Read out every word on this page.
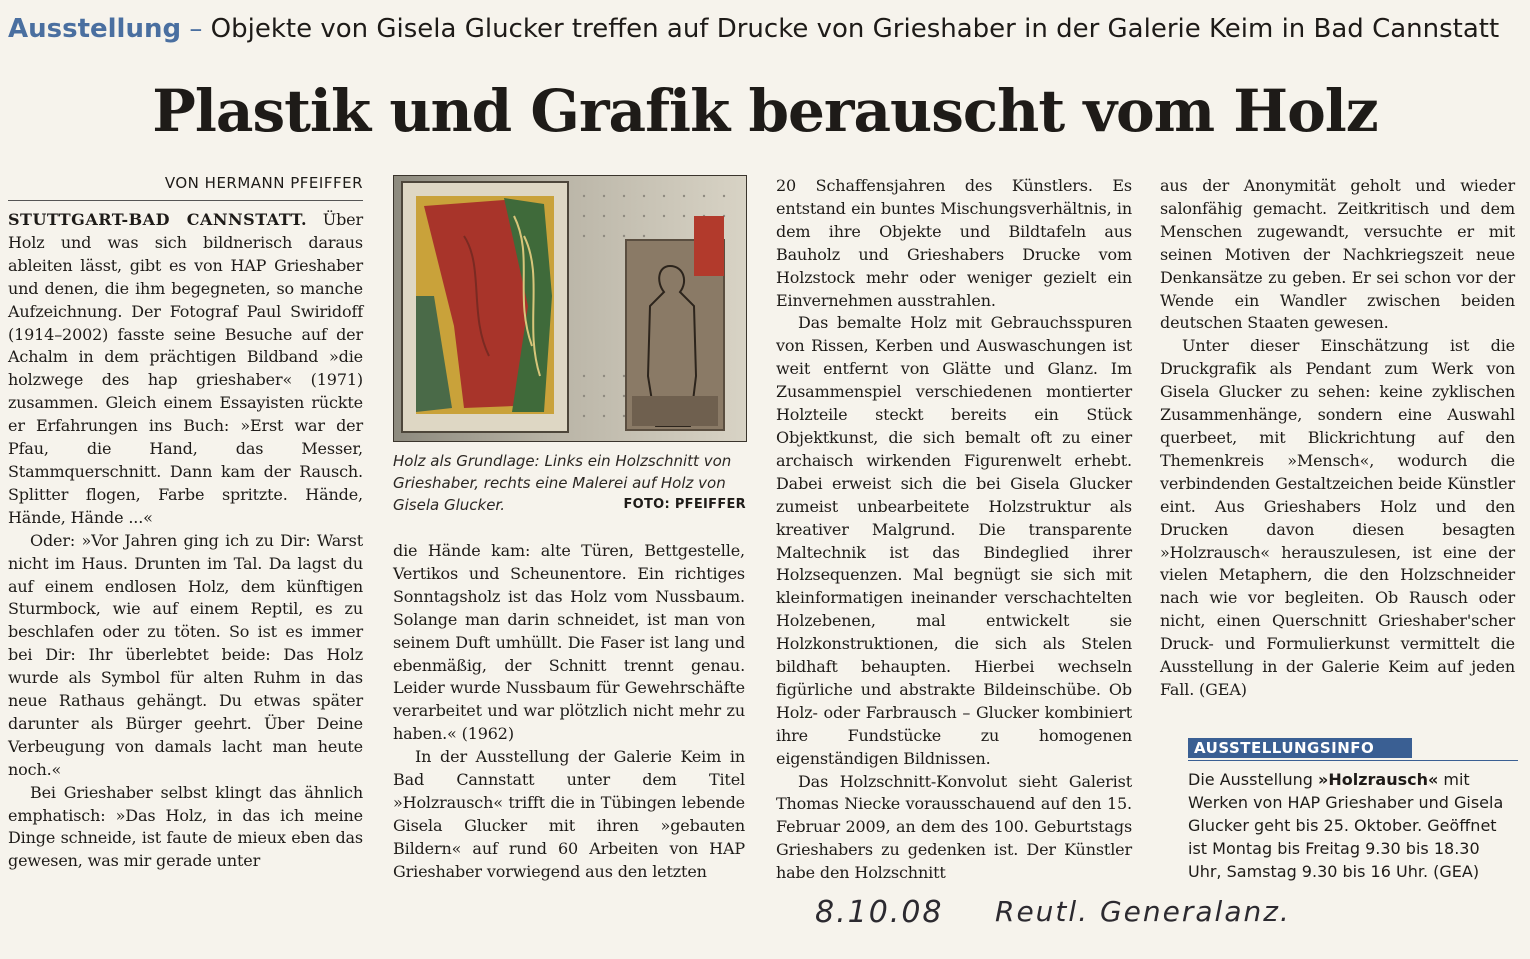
Ausstellung – Objekte von Gisela Glucker treffen auf Drucke von Grieshaber in der Galerie Keim in Bad Cannstatt
Plastik und Grafik berauscht vom Holz
VON HERMANN PFEIFFER

STUTTGART-BAD CANNSTATT. Über Holz und was sich bildnerisch daraus ableiten lässt, gibt es von HAP Grieshaber und denen, die ihm begegneten, so manche Aufzeichnung. Der Fotograf Paul Swiridoff (1914–2002) fasste seine Besuche auf der Achalm in dem prächtigen Bildband »die holzwege des hap grieshaber« (1971) zusammen. Gleich einem Essayisten rückte er Erfahrungen ins Buch: »Erst war der Pfau, die Hand, das Messer, Stammquerschnitt. Dann kam der Rausch. Splitter flogen, Farbe spritzte. Hände, Hände, Hände ...«

Oder: »Vor Jahren ging ich zu Dir: Warst nicht im Haus. Drunten im Tal. Da lagst du auf einem endlosen Holz, dem künftigen Sturmbock, wie auf einem Reptil, es zu beschlafen oder zu töten. So ist es immer bei Dir: Ihr überlebtet beide: Das Holz wurde als Symbol für alten Ruhm in das neue Rathaus gehängt. Du etwas später darunter als Bürger geehrt. Über Deine Verbeugung von damals lacht man heute noch.«

Bei Grieshaber selbst klingt das ähnlich emphatisch: »Das Holz, in das ich meine Dinge schneide, ist faute de mieux eben das gewesen, was mir gerade unter

Holz als Grundlage: Links ein Holzschnitt von Grieshaber, rechts eine Malerei auf Holz von Gisela Glucker.	FOTO: PFEIFFER

die Hände kam: alte Türen, Bettgestelle, Vertikos und Scheunentore. Ein richtiges Sonntagsholz ist das Holz vom Nussbaum. Solange man darin schneidet, ist man von seinem Duft umhüllt. Die Faser ist lang und ebenmäßig, der Schnitt trennt genau. Leider wurde Nussbaum für Gewehrschäfte verarbeitet und war plötzlich nicht mehr zu haben.« (1962)

In der Ausstellung der Galerie Keim in Bad Cannstatt unter dem Titel »Holzrausch« trifft die in Tübingen lebende Gisela Glucker mit ihren »gebauten Bildern« auf rund 60 Arbeiten von HAP Grieshaber vorwiegend aus den letzten

20 Schaffensjahren des Künstlers. Es entstand ein buntes Mischungsverhältnis, in dem ihre Objekte und Bildtafeln aus Bauholz und Grieshabers Drucke vom Holzstock mehr oder weniger gezielt ein Einvernehmen ausstrahlen.

Das bemalte Holz mit Gebrauchsspuren von Rissen, Kerben und Auswaschungen ist weit entfernt von Glätte und Glanz. Im Zusammenspiel verschiedenen montierter Holzteile steckt bereits ein Stück Objektkunst, die sich bemalt oft zu einer archaisch wirkenden Figurenwelt erhebt. Dabei erweist sich die bei Gisela Glucker zumeist unbearbeitete Holzstruktur als kreativer Malgrund. Die transparente Maltechnik ist das Bindeglied ihrer Holzsequenzen. Mal begnügt sie sich mit kleinformatigen ineinander verschachtelten Holzebenen, mal entwickelt sie Holzkonstruktionen, die sich als Stelen bildhaft behaupten. Hierbei wechseln figürliche und abstrakte Bildeinschübe. Ob Holz- oder Farbrausch – Glucker kombiniert ihre Fundstücke zu homogenen eigenständigen Bildnissen.

Das Holzschnitt-Konvolut sieht Galerist Thomas Niecke vorausschauend auf den 15. Februar 2009, an dem des 100. Geburtstags Grieshabers zu gedenken ist. Der Künstler habe den Holzschnitt

aus der Anonymität geholt und wieder salonfähig gemacht. Zeitkritisch und dem Menschen zugewandt, versuchte er mit seinen Motiven der Nachkriegszeit neue Denkansätze zu geben. Er sei schon vor der Wende ein Wandler zwischen beiden deutschen Staaten gewesen.

Unter dieser Einschätzung ist die Druckgrafik als Pendant zum Werk von Gisela Glucker zu sehen: keine zyklischen Zusammenhänge, sondern eine Auswahl querbeet, mit Blickrichtung auf den Themenkreis »Mensch«, wodurch die verbindenden Gestaltzeichen beide Künstler eint. Aus Grieshabers Holz und den Drucken davon diesen besagten »Holzrausch« herauszulesen, ist eine der vielen Metaphern, die den Holzschneider nach wie vor begleiten. Ob Rausch oder nicht, einen Querschnitt Grieshaber'scher Druck- und Formulierkunst vermittelt die Ausstellung in der Galerie Keim auf jeden Fall. (GEA)

AUSSTELLUNGSINFO
Die Ausstellung »Holzrausch« mit Werken von HAP Grieshaber und Gisela Glucker geht bis 25. Oktober. Geöffnet ist Montag bis Freitag 9.30 bis 18.30 Uhr, Samstag 9.30 bis 16 Uhr. (GEA)
8.10.08 Reutl. Generalanz.
